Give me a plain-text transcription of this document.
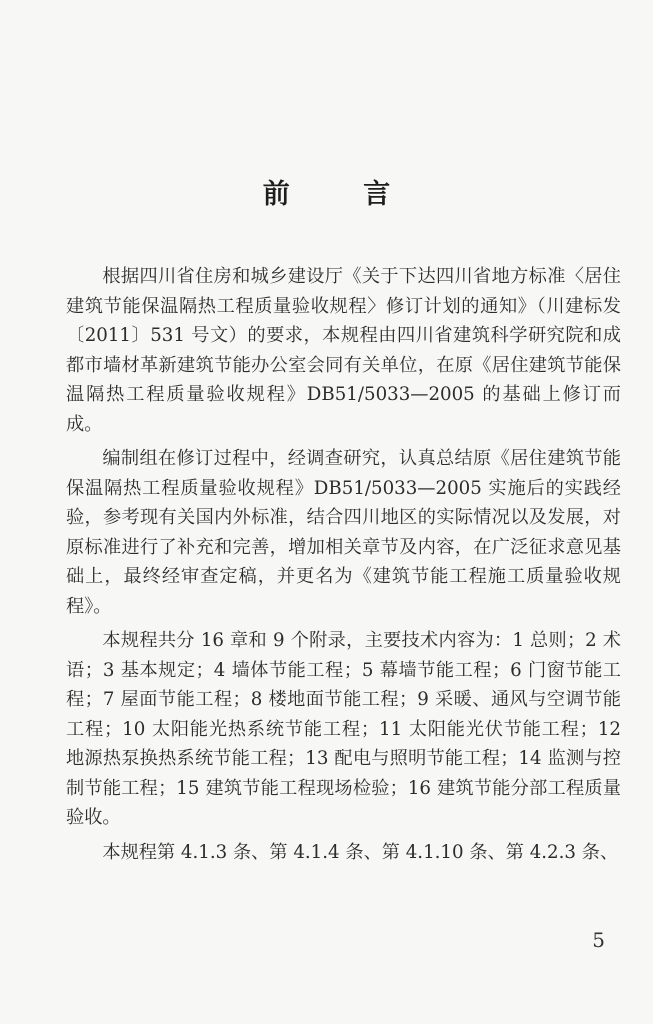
前 言

根据四川省住房和城乡建设厅《关于下达四川省地方标准〈居住建筑节能保温隔热工程质量验收规程〉修订计划的通知》（川建标发〔2011〕531 号文）的要求，本规程由四川省建筑科学研究院和成都市墙材革新建筑节能办公室会同有关单位，在原《居住建筑节能保温隔热工程质量验收规程》DB51/5033—2005 的基础上修订而成。

编制组在修订过程中，经调查研究，认真总结原《居住建筑节能保温隔热工程质量验收规程》DB51/5033—2005 实施后的实践经验，参考现有关国内外标准，结合四川地区的实际情况以及发展，对原标准进行了补充和完善，增加相关章节及内容，在广泛征求意见基础上，最终经审查定稿，并更名为《建筑节能工程施工质量验收规程》。

本规程共分 16 章和 9 个附录，主要技术内容为：1 总则；2 术语；3 基本规定；4 墙体节能工程；5 幕墙节能工程；6 门窗节能工程；7 屋面节能工程；8 楼地面节能工程；9 采暖、通风与空调节能工程；10 太阳能光热系统节能工程；11 太阳能光伏节能工程；12 地源热泵换热系统节能工程；13 配电与照明节能工程；14 监测与控制节能工程；15 建筑节能工程现场检验；16 建筑节能分部工程质量验收。

本规程第 4.1.3 条、第 4.1.4 条、第 4.1.10 条、第 4.2.3 条、

5
